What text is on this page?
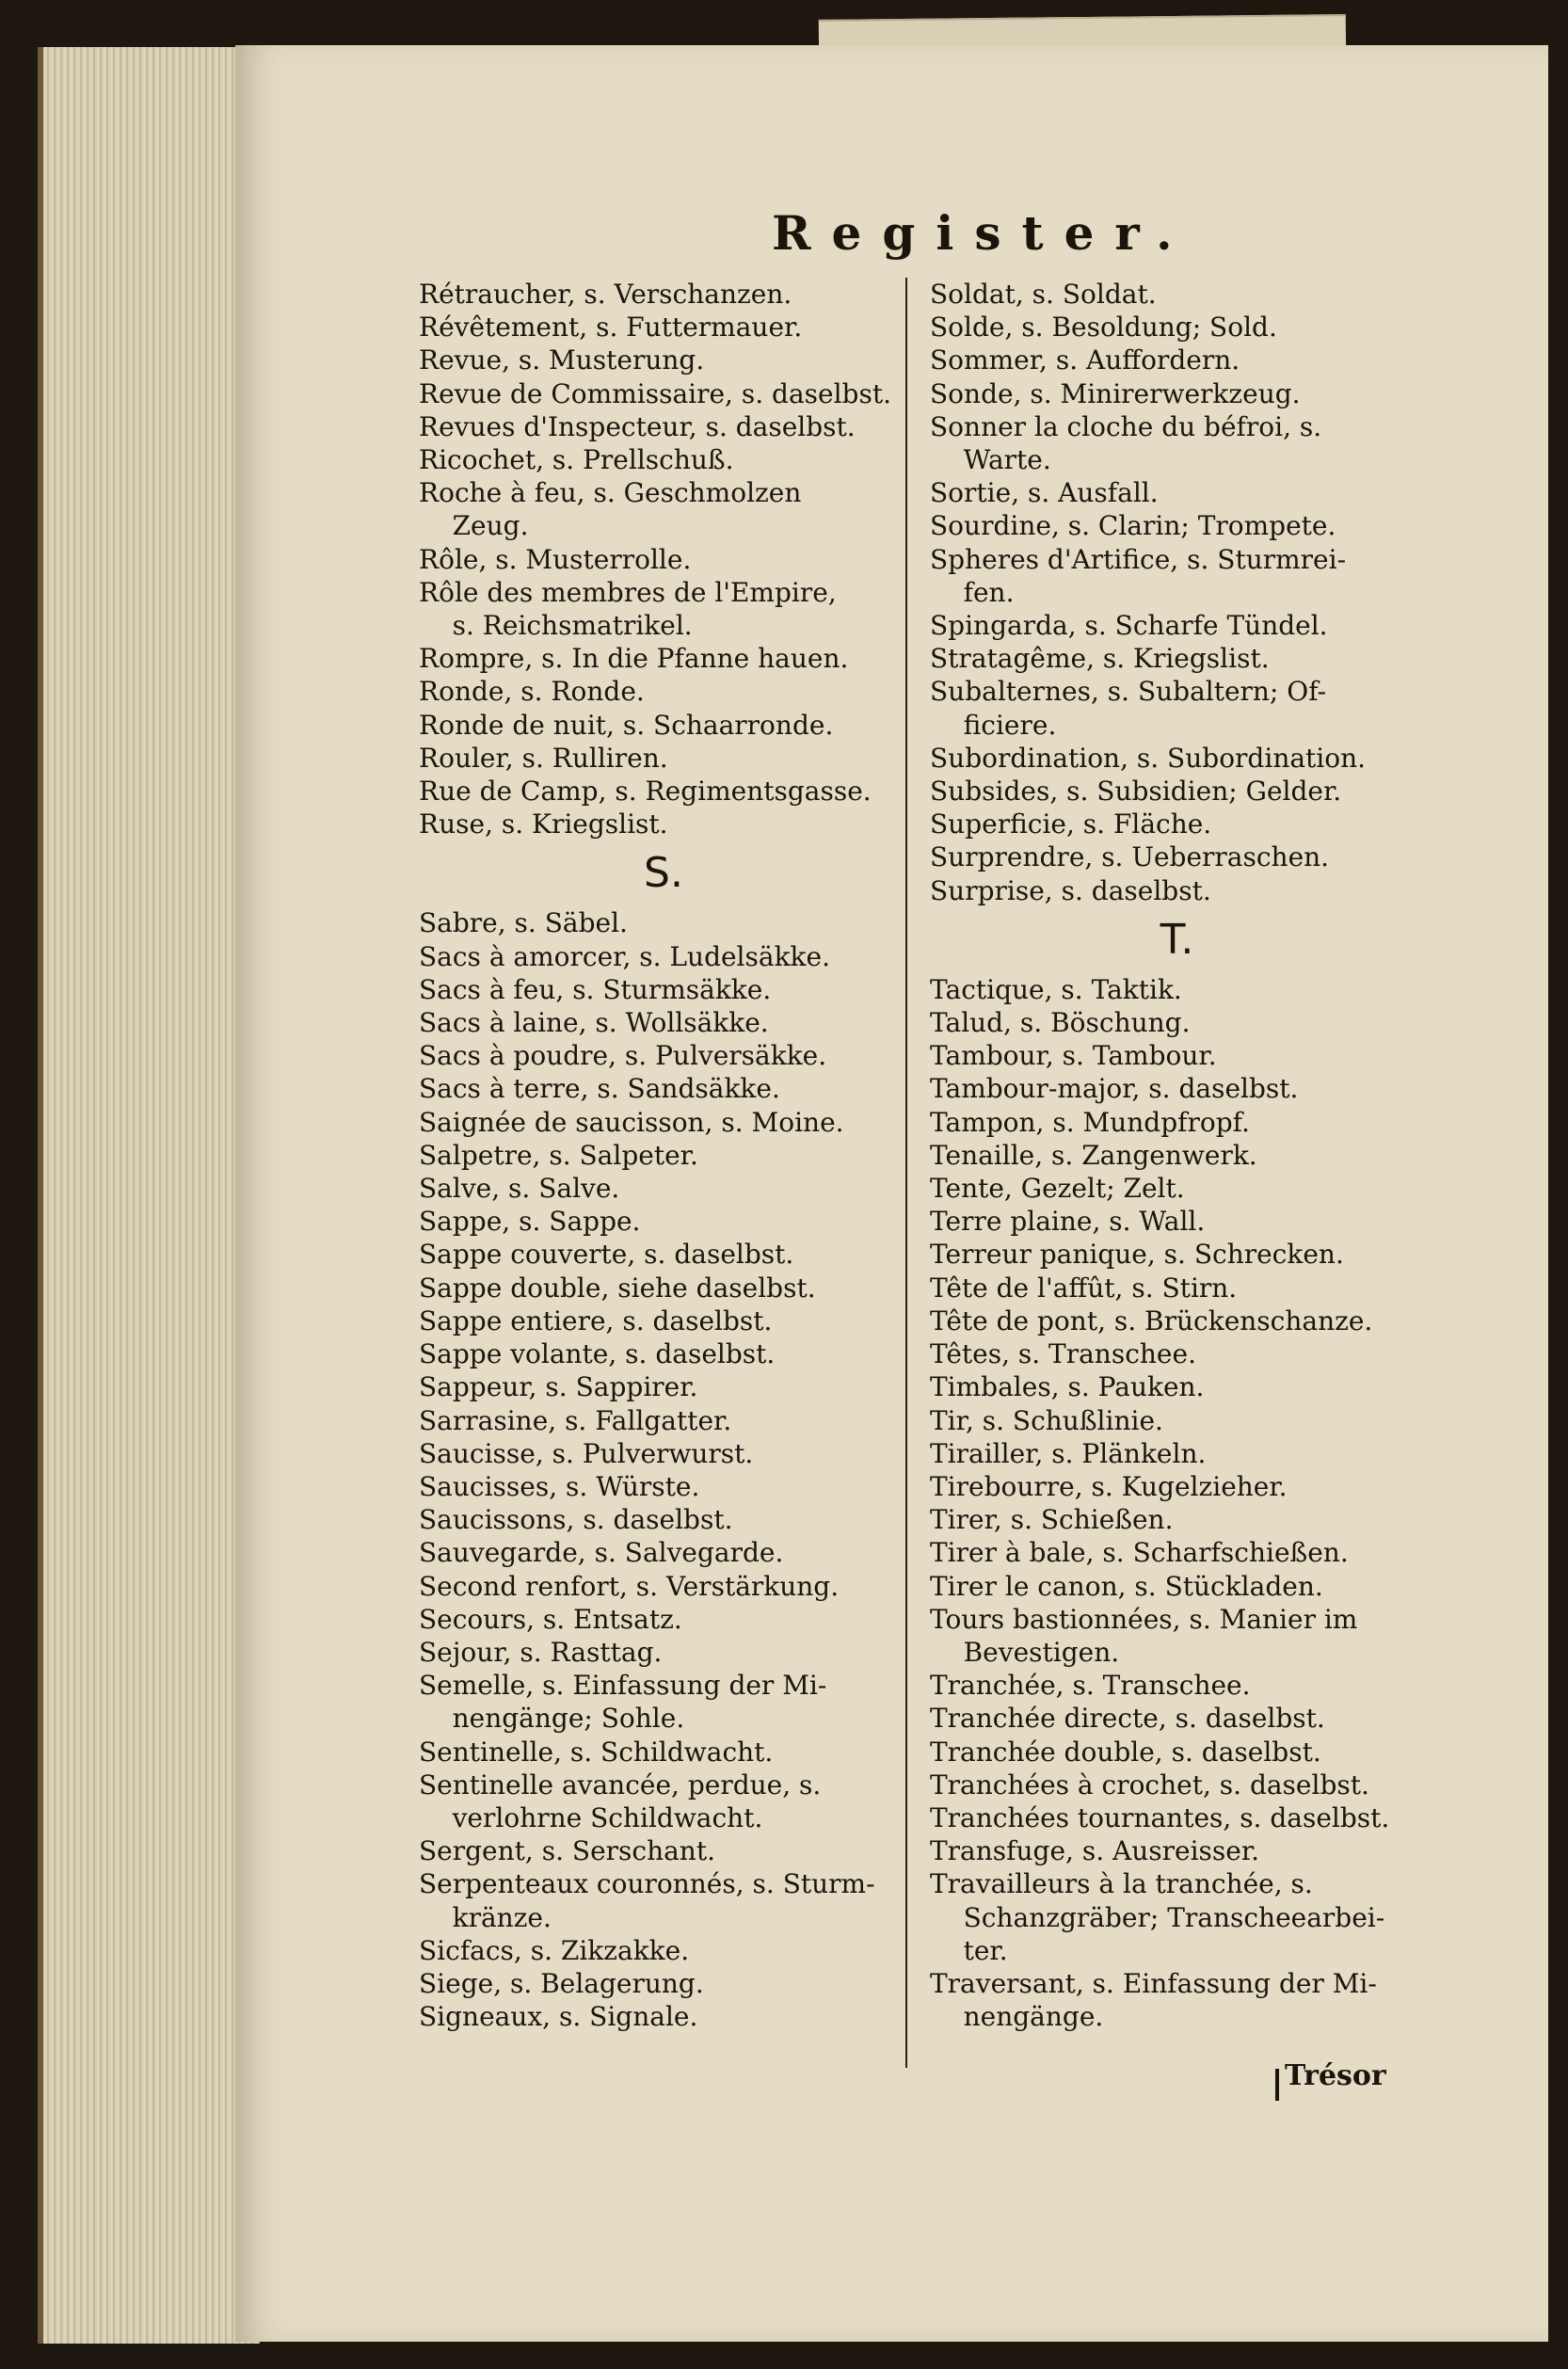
Register.
Rétraucher, s. Verschanzen.
Révêtement, s. Futtermauer.
Revue, s. Musterung.
Revue de Commissaire, s. daselbst.
Revues d'Inspecteur, s. daselbst.
Ricochet, s. Prellschuß.
Roche à feu, s. Geschmolzen
Zeug.
Rôle, s. Musterrolle.
Rôle des membres de l'Empire,
s. Reichsmatrikel.
Rompre, s. In die Pfanne hauen.
Ronde, s. Ronde.
Ronde de nuit, s. Schaarronde.
Rouler, s. Rulliren.
Rue de Camp, s. Regimentsgasse.
Ruse, s. Kriegslist.
S.
Sabre, s. Säbel.
Sacs à amorcer, s. Ludelsäkke.
Sacs à feu, s. Sturmsäkke.
Sacs à laine, s. Wollsäkke.
Sacs à poudre, s. Pulversäkke.
Sacs à terre, s. Sandsäkke.
Saignée de saucisson, s. Moine.
Salpetre, s. Salpeter.
Salve, s. Salve.
Sappe, s. Sappe.
Sappe couverte, s. daselbst.
Sappe double, siehe daselbst.
Sappe entiere, s. daselbst.
Sappe volante, s. daselbst.
Sappeur, s. Sappirer.
Sarrasine, s. Fallgatter.
Saucisse, s. Pulverwurst.
Saucisses, s. Würste.
Saucissons, s. daselbst.
Sauvegarde, s. Salvegarde.
Second renfort, s. Verstärkung.
Secours, s. Entsatz.
Sejour, s. Rasttag.
Semelle, s. Einfassung der Mi-
nengänge; Sohle.
Sentinelle, s. Schildwacht.
Sentinelle avancée, perdue, s.
verlohrne Schildwacht.
Sergent, s. Serschant.
Serpenteaux couronnés, s. Sturm-
kränze.
Sicfacs, s. Zikzakke.
Siege, s. Belagerung.
Signeaux, s. Signale.
Soldat, s. Soldat.
Solde, s. Besoldung; Sold.
Sommer, s. Auffordern.
Sonde, s. Minirerwerkzeug.
Sonner la cloche du béfroi, s.
Warte.
Sortie, s. Ausfall.
Sourdine, s. Clarin; Trompete.
Spheres d'Artifice, s. Sturmrei-
fen.
Spingarda, s. Scharfe Tündel.
Stratagême, s. Kriegslist.
Subalternes, s. Subaltern; Of-
ficiere.
Subordination, s. Subordination.
Subsides, s. Subsidien; Gelder.
Superficie, s. Fläche.
Surprendre, s. Ueberraschen.
Surprise, s. daselbst.
T.
Tactique, s. Taktik.
Talud, s. Böschung.
Tambour, s. Tambour.
Tambour-major, s. daselbst.
Tampon, s. Mundpfropf.
Tenaille, s. Zangenwerk.
Tente, Gezelt; Zelt.
Terre plaine, s. Wall.
Terreur panique, s. Schrecken.
Tête de l'affût, s. Stirn.
Tête de pont, s. Brückenschanze.
Têtes, s. Transchee.
Timbales, s. Pauken.
Tir, s. Schußlinie.
Tirailler, s. Plänkeln.
Tirebourre, s. Kugelzieher.
Tirer, s. Schießen.
Tirer à bale, s. Scharfschießen.
Tirer le canon, s. Stückladen.
Tours bastionnées, s. Manier im
Bevestigen.
Tranchée, s. Transchee.
Tranchée directe, s. daselbst.
Tranchée double, s. daselbst.
Tranchées à crochet, s. daselbst.
Tranchées tournantes, s. daselbst.
Transfuge, s. Ausreisser.
Travailleurs à la tranchée, s.
Schanzgräber; Transcheearbei-
ter.
Traversant, s. Einfassung der Mi-
nengänge.
Trésor
